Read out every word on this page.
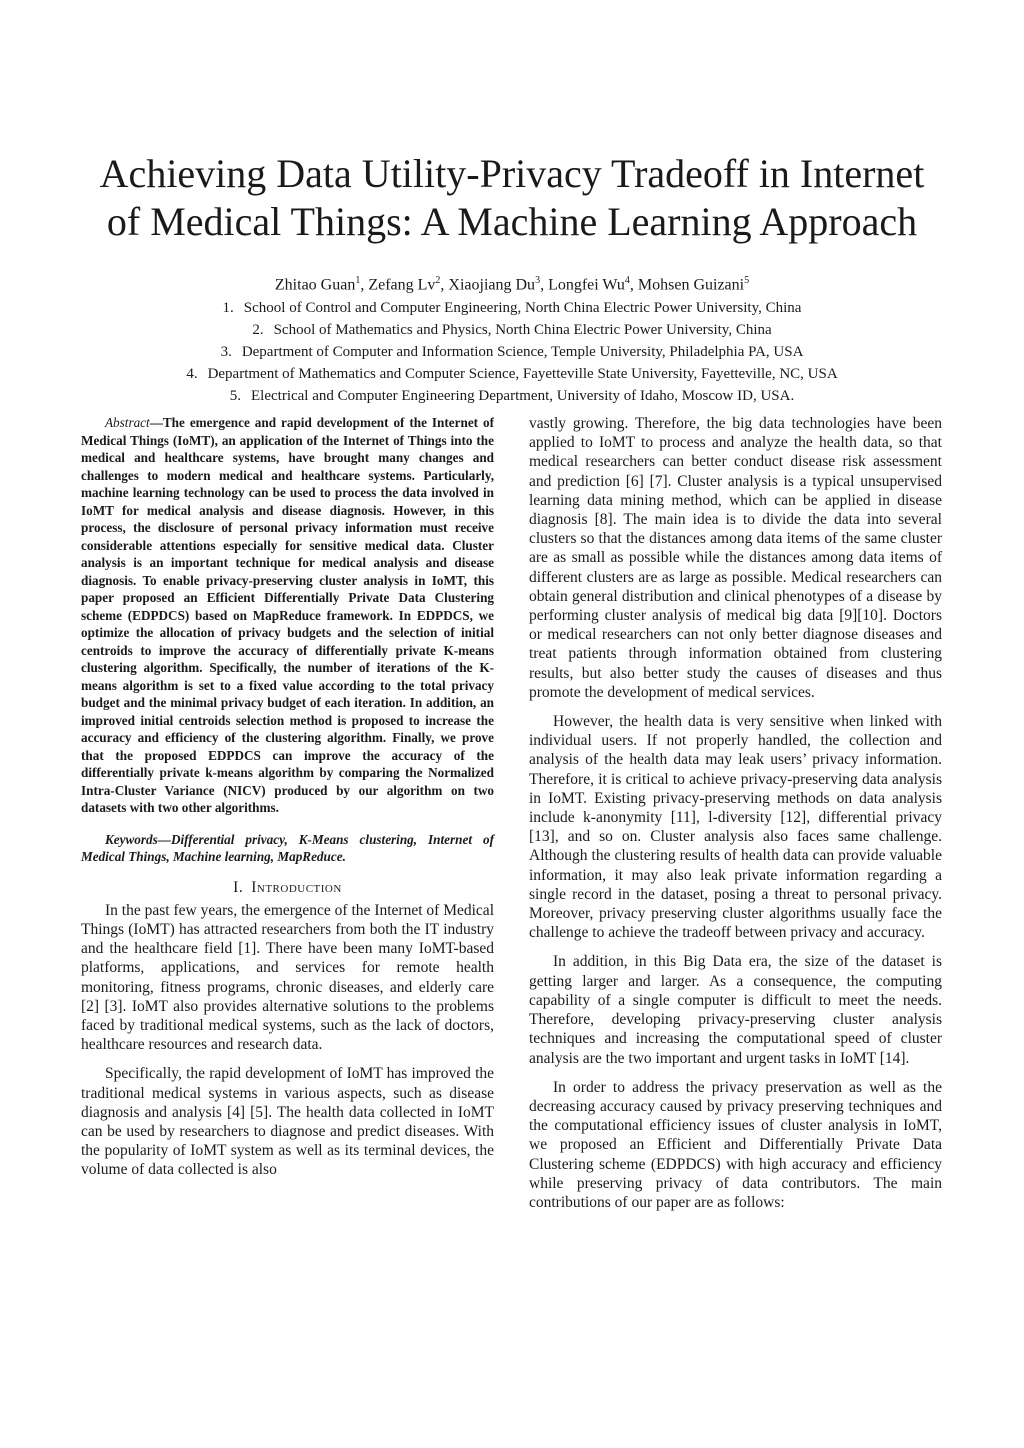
Achieving Data Utility-Privacy Tradeoff in Internet
of Medical Things: A Machine Learning Approach
Zhitao Guan$^1$, Zefang Lv$^2$, Xiaojiang Du$^3$, Longfei Wu$^4$, Mohsen Guizani$^5$
1. School of Control and Computer Engineering, North China Electric Power University, China
2. School of Mathematics and Physics, North China Electric Power University, China
3. Department of Computer and Information Science, Temple University, Philadelphia PA, USA
4. Department of Mathematics and Computer Science, Fayetteville State University, Fayetteville, NC, USA
5. Electrical and Computer Engineering Department, University of Idaho, Moscow ID, USA.

Abstract—The emergence and rapid development of the Internet of Medical Things (IoMT), an application of the Internet of Things into the medical and healthcare systems, have brought many changes and challenges to modern medical and healthcare systems. Particularly, machine learning technology can be used to process the data involved in IoMT for medical analysis and disease diagnosis. However, in this process, the disclosure of personal privacy information must receive considerable attentions especially for sensitive medical data. Cluster analysis is an important technique for medical analysis and disease diagnosis. To enable privacy-preserving cluster analysis in IoMT, this paper proposed an Efficient Differentially Private Data Clustering scheme (EDPDCS) based on MapReduce framework. In EDPDCS, we optimize the allocation of privacy budgets and the selection of initial centroids to improve the accuracy of differentially private K-means clustering algorithm. Specifically, the number of iterations of the K-means algorithm is set to a fixed value according to the total privacy budget and the minimal privacy budget of each iteration. In addition, an improved initial centroids selection method is proposed to increase the accuracy and efficiency of the clustering algorithm. Finally, we prove that the proposed EDPDCS can improve the accuracy of the differentially private k-means algorithm by comparing the Normalized Intra-Cluster Variance (NICV) produced by our algorithm on two datasets with two other algorithms.

Keywords—Differential privacy, K-Means clustering, Internet of Medical Things, Machine learning, MapReduce.

I. Introduction

In the past few years, the emergence of the Internet of Medical Things (IoMT) has attracted researchers from both the IT industry and the healthcare field [1]. There have been many IoMT-based platforms, applications, and services for remote health monitoring, fitness programs, chronic diseases, and elderly care [2] [3]. IoMT also provides alternative solutions to the problems faced by traditional medical systems, such as the lack of doctors, healthcare resources and research data.

Specifically, the rapid development of IoMT has improved the traditional medical systems in various aspects, such as disease diagnosis and analysis [4] [5]. The health data collected in IoMT can be used by researchers to diagnose and predict diseases. With the popularity of IoMT system as well as its terminal devices, the volume of data collected is also

vastly growing. Therefore, the big data technologies have been applied to IoMT to process and analyze the health data, so that medical researchers can better conduct disease risk assessment and prediction [6] [7]. Cluster analysis is a typical unsupervised learning data mining method, which can be applied in disease diagnosis [8]. The main idea is to divide the data into several clusters so that the distances among data items of the same cluster are as small as possible while the distances among data items of different clusters are as large as possible. Medical researchers can obtain general distribution and clinical phenotypes of a disease by performing cluster analysis of medical big data [9][10]. Doctors or medical researchers can not only better diagnose diseases and treat patients through information obtained from clustering results, but also better study the causes of diseases and thus promote the development of medical services.

However, the health data is very sensitive when linked with individual users. If not properly handled, the collection and analysis of the health data may leak users’ privacy information. Therefore, it is critical to achieve privacy-preserving data analysis in IoMT. Existing privacy-preserving methods on data analysis include k-anonymity [11], l-diversity [12], differential privacy [13], and so on. Cluster analysis also faces same challenge. Although the clustering results of health data can provide valuable information, it may also leak private information regarding a single record in the dataset, posing a threat to personal privacy. Moreover, privacy preserving cluster algorithms usually face the challenge to achieve the tradeoff between privacy and accuracy.

In addition, in this Big Data era, the size of the dataset is getting larger and larger. As a consequence, the computing capability of a single computer is difficult to meet the needs. Therefore, developing privacy-preserving cluster analysis techniques and increasing the computational speed of cluster analysis are the two important and urgent tasks in IoMT [14].

In order to address the privacy preservation as well as the decreasing accuracy caused by privacy preserving techniques and the computational efficiency issues of cluster analysis in IoMT, we proposed an Efficient and Differentially Private Data Clustering scheme (EDPDCS) with high accuracy and efficiency while preserving privacy of data contributors. The main contributions of our paper are as follows:
